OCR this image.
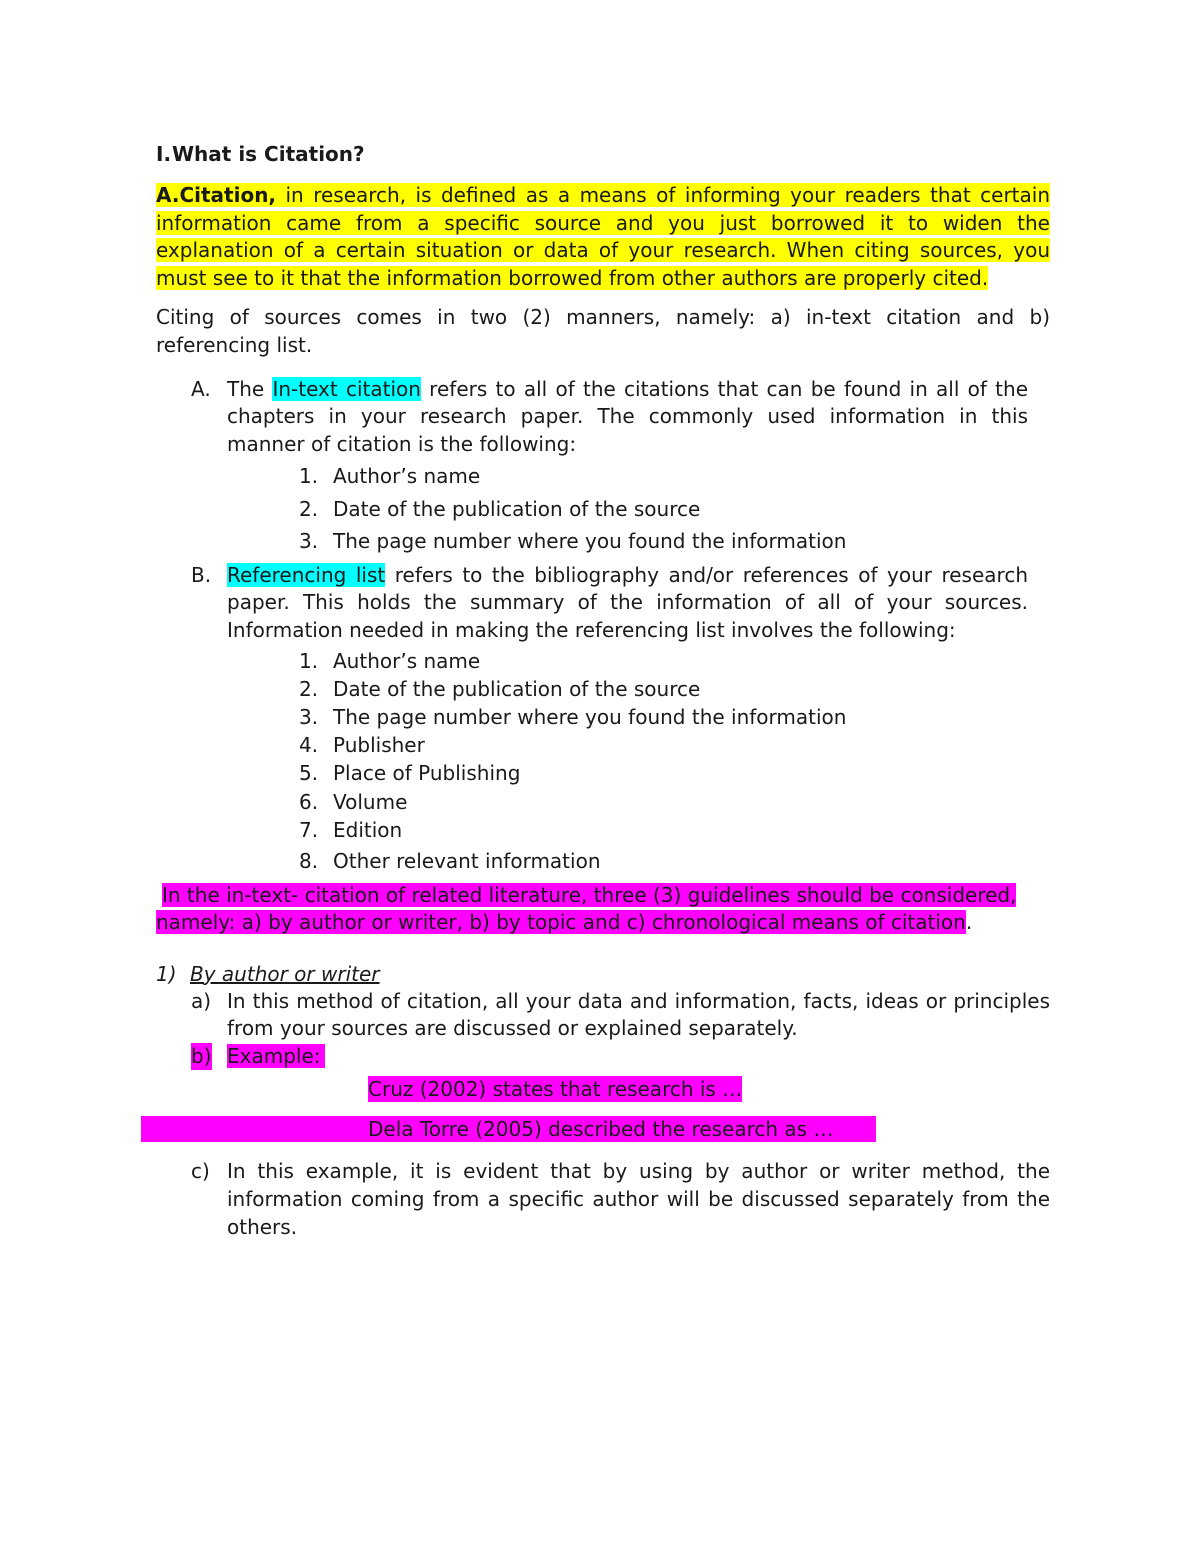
I.What is Citation?

A.Citation, in research, is defined as a means of informing your readers that certain information came from a specific source and you just borrowed it to widen the explanation of a certain situation or data of your research. When citing sources, you must see to it that the information borrowed from other authors are properly cited.

Citing of sources comes in two (2) manners, namely: a) in-text citation and b) referencing list.

A. The In-text citation refers to all of the citations that can be found in all of the chapters in your research paper. The commonly used information in this manner of citation is the following:

1. Author’s name
2. Date of the publication of the source
3. The page number where you found the information
B. Referencing list refers to the bibliography and/or references of your research paper. This holds the summary of the information of all of your sources. Information needed in making the referencing list involves the following:

1. Author’s name
2. Date of the publication of the source
3. The page number where you found the information
4. Publisher
5. Place of Publishing
6. Volume
7. Edition
8. Other relevant information

In the in-text- citation of related literature, three (3) guidelines should be considered, namely: a) by author or writer, b) by topic and c) chronological means of citation.

1) By author or writer
a) In this method of citation, all your data and information, facts, ideas or principles from your sources are discussed or explained separately.
b) Example:
Cruz (2002) states that research is …
Dela Torre (2005) described the research as …
c) In this example, it is evident that by using by author or writer method, the information coming from a specific author will be discussed separately from the others.
